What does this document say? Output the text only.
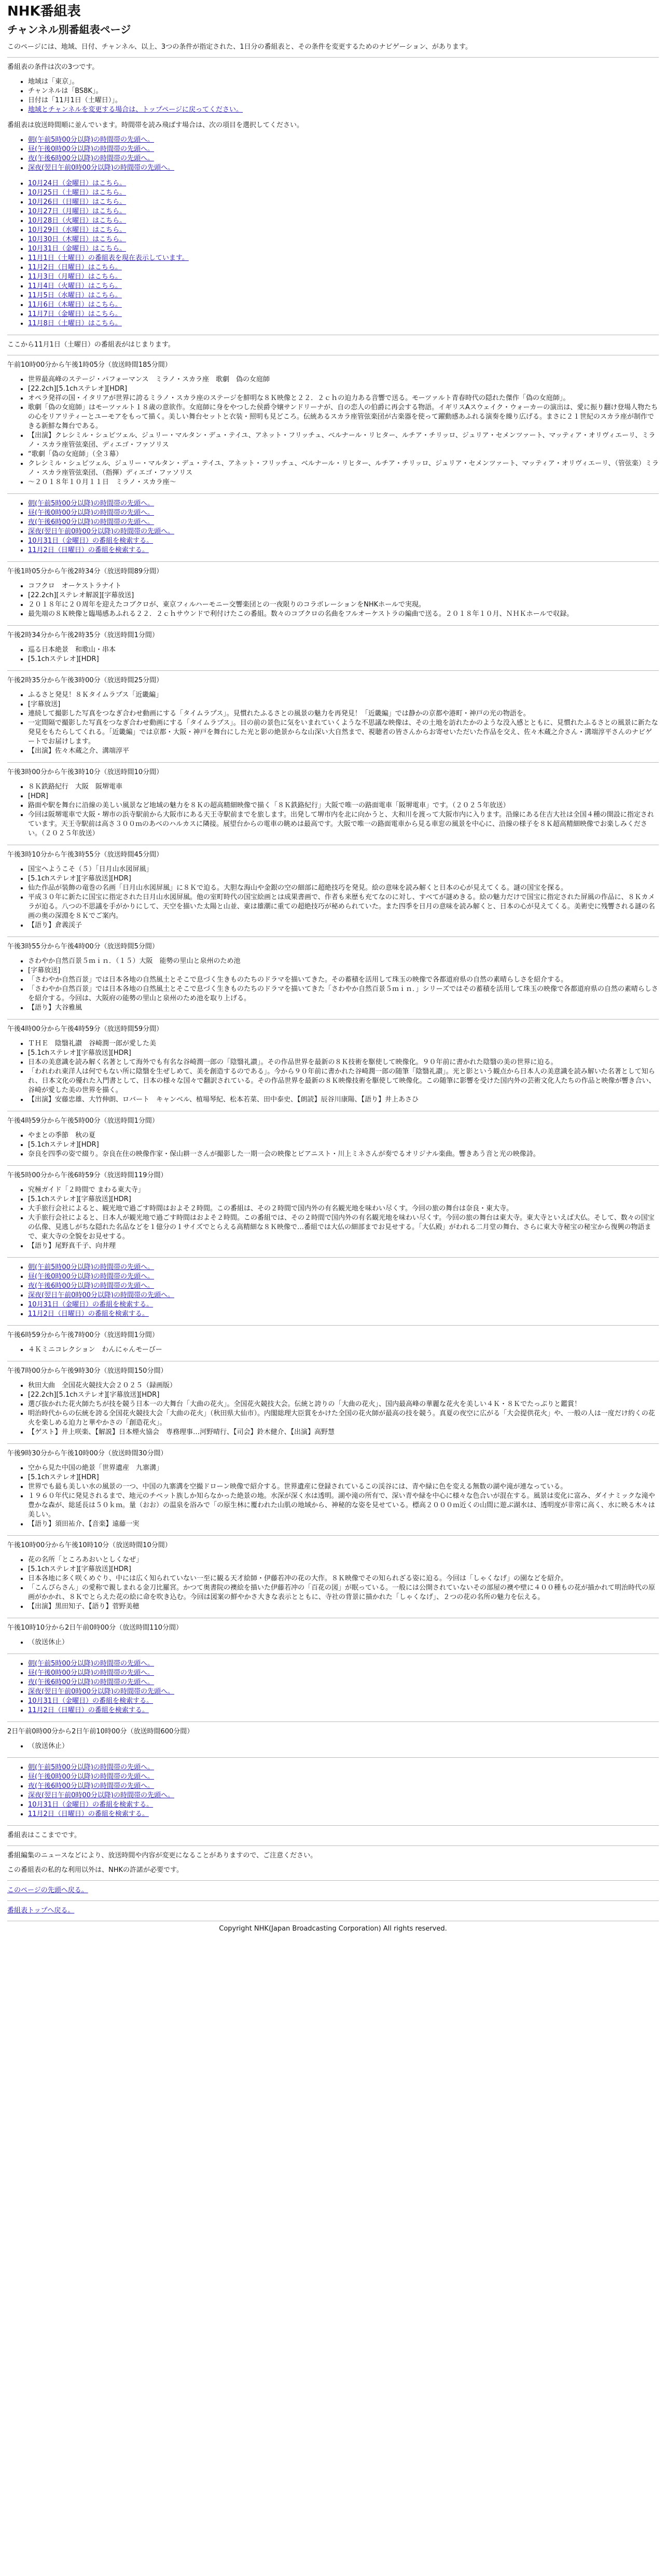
NHK番組表
チャンネル別番組表ページ

このページには、地域、日付、チャンネル、以上、3つの条件が指定された、1日分の番組表と、その条件を変更するためのナビゲーション、があります。

番組表の条件は次の3つです。

• 地域は「東京」。
• チャンネルは「BS8K」。
• 日付は「11月1日（土曜日）」。
• 地域とチャンネルを変更する場合は、トップページに戻ってください。

番組表は放送時間順に並んでいます。時間帯を読み飛ばす場合は、次の項目を選択してください。

• 朝(午前5時00分以降)の時間帯の先頭へ。
• 昼(午後0時00分以降)の時間帯の先頭へ。
• 夜(午後6時00分以降)の時間帯の先頭へ。
• 深夜(翌日午前0時00分以降)の時間帯の先頭へ。
• 10月24日（金曜日）はこちら。
• 10月25日（土曜日）はこちら。
• 10月26日（日曜日）はこちら。
• 10月27日（月曜日）はこちら。
• 10月28日（火曜日）はこちら。
• 10月29日（水曜日）はこちら。
• 10月30日（木曜日）はこちら。
• 10月31日（金曜日）はこちら。
• 11月1日（土曜日）の番組表を現在表示しています。
• 11月2日（日曜日）はこちら。
• 11月3日（月曜日）はこちら。
• 11月4日（火曜日）はこちら。
• 11月5日（水曜日）はこちら。
• 11月6日（木曜日）はこちら。
• 11月7日（金曜日）はこちら。
• 11月8日（土曜日）はこちら。

ここから11月1日（土曜日）の番組表がはじまります。

午前10時00分から午後1時05分（放送時間185分間）

• 世界最高峰のステージ・パフォーマンス　ミラノ・スカラ座　歌劇　偽の女庭師
• [22.2ch][5.1chステレオ][HDR]
• オペラ発祥の国・イタリアが世界に誇るミラノ・スカラ座のステージを鮮明な８Ｋ映像と２２．２ｃｈの迫力ある音響で送る。モーツァルト青春時代の隠れた傑作「偽の女庭師」。
• 歌劇「偽の女庭師」はモーツァルト１８歳の意欲作。女庭師に身をやつした侯爵令嬢サンドリーナが、自の恋人の伯爵に再会する物語。イギリスAスウェイク・ウォーカーの演出は、愛に振り翻け登場人物たちの心をリアリティーとユーモアをもって描く。美しい舞台セットと衣装・照明も見どころ。伝統あるスカラ座管弦楽団が古楽器を使って躍動感あふれる演奏を繰り広げる。まさに２１世紀のスカラ座が制作できる新鮮な舞台である。
• 【出演】クレシミル・シュピツェル、ジュリー・マルタン・デュ・テイユ、アネット・フリッチュ、ベルナール・リヒター、ルチア・チリッロ、ジュリア・セメンツァート、マッティア・オリヴィエーリ、ミラノ・スカラ座管弦楽団、ディエゴ・ファソリス
• “歌劇「偽の女庭師」（全３幕）
• クレシミル・シュピツェル、ジュリー・マルタン・デュ・テイユ、アネット・フリッチュ、ベルナール・リヒター、ルチア・チリッロ、ジュリア・セメンツァート、マッティア・オリヴィエーリ、（管弦楽）ミラノ・スカラ座管弦楽団、（指揮）ディエゴ・ファソリス
• ～２０１８年１０月１１日　ミラノ・スカラ座～
• 朝(午前5時00分以降)の時間帯の先頭へ。
• 昼(午後0時00分以降)の時間帯の先頭へ。
• 夜(午後6時00分以降)の時間帯の先頭へ。
• 深夜(翌日午前0時00分以降)の時間帯の先頭へ。
• 10月31日（金曜日）の番組を検索する。
• 11月2日（日曜日）の番組を検索する。

午後1時05分から午後2時34分（放送時間89分間）

• コフクロ　オーケストラナイト
• [22.2ch][ステレオ解説][字幕放送]
• ２０１８年に２０周年を迎えたコブクロが、東京フィルハーモニー交響楽団との一夜限りのコラボレーションをNHKホールで実現。
• 最先端の８Ｋ映像と臨場感あふれる２２．２ｃｈサウンドで利付けたこの番組。数々のコブクロの名曲をフルオーケストラの編曲で送る。２０１８年１０月、ＮＨＫホールで収録。

午後2時34分から午後2時35分（放送時間1分間）

• 巡る日本絶景　和歌山・串本
• [5.1chステレオ][HDR]

午後2時35分から午後3時00分（放送時間25分間）

• ふるさと発見！８Ｋタイムラプス「近畿編」
• [字幕放送]
• 連続して撮影した写真をつなぎ合わせ動画にする「タイムラプス」。見慣れたふるさとの風景の魅力を再発見！「近畿編」では静かの京都や港町・神戸の光の物語を。
• 一定間隔で撮影した写真をつなぎ合わせ動画にする「タイムラプス」。目の前の景色に気をいまれていくような不思議な映像は、その土地を訪れたかのような没入感とともに、見慣れたふるさとの風景に新たな発見をもたらしてくれる。「近畿編」では京都・大阪・神戸を舞台にした光と影の絶景からな山深い大自然まで、視聴者の皆さんからお寄せいただいた作品を交え、佐々木蔵之介さん・溝端淳平さんのナビゲートでお届けします。
• 【出演】佐々木蔵之介、溝端淳平

午後3時00分から午後3時10分（放送時間10分間）

• ８Ｋ鉄路紀行　大阪　阪堺電車
• [HDR]
• 路面や駅を舞台に沿線の美しい風景など地域の魅力を８Ｋの超高精細映像で描く「８Ｋ鉄路紀行」大阪で唯一の路面電車「阪堺電車」です。（２０２５年放送）
• 今回は阪堺電車で大阪・堺市の浜寺駅前から大阪市にある天王寺駅前までを旅します。出発して堺市内を北に向かうと、大和川を渡って大阪市内に入ります。沿線にある住吉大社は全国４種の開設に指定されています。天王寺駅前は高さ３００ｍのあべのハルカスに隣接。展望台からの電車の眺めは最高です。大阪で唯一の路面電車から見る車窓の風景を中心に、沿線の様子を８Ｋ超高精細映像でお楽しみください。（２０２５年放送）

午後3時10分から午後3時55分（放送時間45分間）

• 国宝へようこそ（５）「日月山水図屏風」
• [5.1chステレオ][字幕放送][HDR]
• 仙た作品が装飾の竜巻の名画「日月山水図屏風」に８Ｋで迫る。大胆な海山や金銀の空の細部に超絶技巧を発見。絵の意味を読み解くと日本の心が見えてくる。謎の国宝を探る。
• 平成３０年に新たに国宝に指定された日月山水図屏風。他の室町時代の国宝絵画とは成果書画で、作者も来歴も充てなのに対し、すべてが謎めきる。絵の魅力だけで国宝に指定された屏風の作品に、８Ｋカメラが迫る。八つの不思議を手がかりにして、天空を描いた太陽と山並、東は雄潮に重ての超絶技巧が秘められていた。また四季を日月の意味を読み解くと、日本の心が見えてくる。美術史に残響される謎の名画の奥の深淵を８Ｋでご案内。
• 【語り】倉義渓子

午後3時55分から午後4時00分（放送時間5分間）

• さわやか自然百景５ｍｉｎ．（１５）大阪　能勢の里山と泉州のため池
• [字幕放送]
• 「さわやか自然百景」では日本各地の自然風土とそこで息づく生きものたちのドラマを描いてきた。その蓄積を活用して珠玉の映像で各都道府県の自然の素晴らしさを紹介する。
• 「さわやか自然百景」では日本各地の自然風土とそこで息づく生きものたちのドラマを描いてきた「さわやか自然百景５ｍｉｎ．」シリーズではその蓄積を活用して珠玉の映像で各都道府県の自然の素晴らしさを紹介する。今回は、大阪府の能勢の里山と泉州のため池を取り上げる。
• 【語り】大谷雅風

午後4時00分から午後4時59分（放送時間59分間）

• ＴＨＥ　陰翳礼讃　谷崎潤一郎が愛した美
• [5.1chステレオ][字幕放送][HDR]
• 日本の美意識を読み解く名著として海外でも有名な谷崎潤一郎の「陰翳礼讃」。その作品世界を最新の８Ｋ技術を駆使して映像化。９０年前に書かれた陰翳の美の世界に迫る。
• 「われわれ東洋人は何でもない所に陰翳を生ぜしめて、美を創造するのである」。今から９０年前に書かれた谷崎潤一郎の随筆「陰翳礼讃」。光と影という観点から日本人の美意識を読み解いた名著として知られ、日本文化の優れた入門書として、日本の様々な国々で翻訳されている。その作品世界を最新の８Ｋ映像技術を駆使して映像化。この随筆に影響を受けた国内外の芸術文化人たちの作品と映像が響き合い、谷崎が愛した美の世界を描く。
• 【出演】安藤忠雄、大竹伸朗、ロバート　キャンベル、植場琴紀、松本若菜、田中泰史、【朗読】辰谷川康陽、【語り】井上あさひ

午後4時59分から午後5時00分（放送時間1分間）

• やまとの季節　秋の夏
• [5.1chステレオ][HDR]
• 奈良を四季の姿で綴り。奈良在住の映像作家・保山耕一さんが撮影した一期一会の映像とピアニスト・川上ミネさんが奏でるオリジナル楽曲。響きあう音と光の映像詩。

午後5時00分から午後6時59分（放送時間119分間）

• 究極ガイド「２時間で まわる東大寺」
• [5.1chステレオ][字幕放送][HDR]
• 大手旅行会社によると、観光地で過ごす時間はおよそ２時間。この番組は、その２時間で国内外の有名観光地を味わい尽くす。今回の旅の舞台は奈良・東大寺。
• 大手旅行会社によると、日本人が観光地で過ごす時間はおよそ２時間。この番組では、その２時間で国内外の有名観光地を味わい尽くす。今回の旅の舞台は東大寺。東大寺といえば大仏。そして、数々の国宝の仏像、見逃しがちな隠れた名品などを１億分の１サイズでとらえる高精細な８Ｋ映像で…番組では大仏の細部までお見せする。「大仏殿」がわれる二月堂の舞台、さらに東大寺秘宝の秘宝から復興の物語まで、東大寺の全貌をお見せする。
• 【語り】尾野真千子、向井理
• 朝(午前5時00分以降)の時間帯の先頭へ。
• 昼(午後0時00分以降)の時間帯の先頭へ。
• 夜(午後6時00分以降)の時間帯の先頭へ。
• 深夜(翌日午前0時00分以降)の時間帯の先頭へ。
• 10月31日（金曜日）の番組を検索する。
• 11月2日（日曜日）の番組を検索する。

午後6時59分から午後7時00分（放送時間1分間）

• ４Ｋミニコレクション　わんにゃんモーびー

午後7時00分から午後9時30分（放送時間150分間）

• 秋田大曲　全国花火競技大会２０２５（録画版）
• [22.2ch][5.1chステレオ][字幕放送][HDR]
• 選び抜かれた花火師たちが技を競う日本一の大舞台「大曲の花火」。全国花火競技大会。伝統と誇りの「大曲の花火」、国内最高峰の華麗な花火を美しい４Ｋ・８Ｋでたっぷりと鑑賞！
• 明治時代からの伝統を誇る全国花火競技大会「大曲の花火」（秋田県大仙市）。内閣総理大臣賞をかけた全国の花火師が最高の技を競う。真夏の夜空に広がる「大会提供花火」や、一般の人は一度だけ約くの花火を楽しめる迫力と華やかさの「創造花火」。
• 【ゲスト】井上咲楽、【解説】日本煙火協会　専務理事…河野晴行、【司会】鈴木健介、【出演】高野慧

午後9時30分から午後10時00分（放送時間30分間）

• 空から見た中国の絶景「世界遺産　九寨溝」
• [5.1chステレオ][HDR]
• 世界でも最も美しい水の風景の一つ、中国の九寨溝を空撮ドローン映像で紹介する。世界遺産に登録されているこの渓谷には、青や緑に色を変える無数の湖や滝が連なっている。
• １９６０年代に発見されるまで、地元のチベット族しか知らなかった絶景の地。水深が深く水は透明。湖や滝の所有で、深い青や緑を中心に様々な色合いが混在する。風景は変化に富み、ダイナミックな滝や豊かな森が、総延長は５０ｋｍ。量（おお）の温泉を浴みで「の原生林に覆われた山肌の地域から、神秘的な姿を見せている。標高２０００ｍ近くの山間に遊ぶ湖水は、透明度が非常に高く、水に映る木々は美しい。
• 【語り】須田祐介、【音楽】遠藤一実

午後10時00分から午後10時10分（放送時間10分間）

• 花の名所「ところあおいとしくなぜ」
• [5.1chステレオ][字幕放送][HDR]
• 日本各地に多く咲くめぐり、中には広く知られていない一至に観る天才絵師・伊藤若冲の花の大作。８Ｋ映像でその知られざる姿に迫る。今回は「しゃくなげ」の園などを紹介。
• 「こんぴらさん」の愛称で親しまれる金刀比羅宮。かつて奥書院の襖絵を描いた伊藤若冲の「百花の図」が眠っている。一般には公開されていないその部屋の襖や壁に４００種もの花が描かれて明治時代の原画がかかれ、８Ｋでとらえた花の絵に命を吹き込む。今回は図案の鮮やかさ大きな表示とともに、寺社の背景に描かれた「しゃくなげ」、２つの花の名所の魅力を伝える。
• 【出演】黒田知子、【語り】菅野美穂

午後10時10分から2日午前0時00分（放送時間110分間）

• （放送休止）
• 朝(午前5時00分以降)の時間帯の先頭へ。
• 昼(午後0時00分以降)の時間帯の先頭へ。
• 夜(午後6時00分以降)の時間帯の先頭へ。
• 深夜(翌日午前0時00分以降)の時間帯の先頭へ。
• 10月31日（金曜日）の番組を検索する。
• 11月2日（日曜日）の番組を検索する。

2日午前0時00分から2日午前10時00分（放送時間600分間）

• （放送休止）
• 朝(午前5時00分以降)の時間帯の先頭へ。
• 昼(午後0時00分以降)の時間帯の先頭へ。
• 夜(午後6時00分以降)の時間帯の先頭へ。
• 深夜(翌日午前0時00分以降)の時間帯の先頭へ。
• 10月31日（金曜日）の番組を検索する。
• 11月2日（日曜日）の番組を検索する。

番組表はここまでです。

番組編集のニュースなどにより、放送時間や内容が変更になることがありますので、ご注意ください。

この番組表の私的な利用以外は、NHKの許諾が必要です。

このページの先頭へ戻る。

番組表トップへ戻る。

Copyright NHK(Japan Broadcasting Corporation) All rights reserved.
